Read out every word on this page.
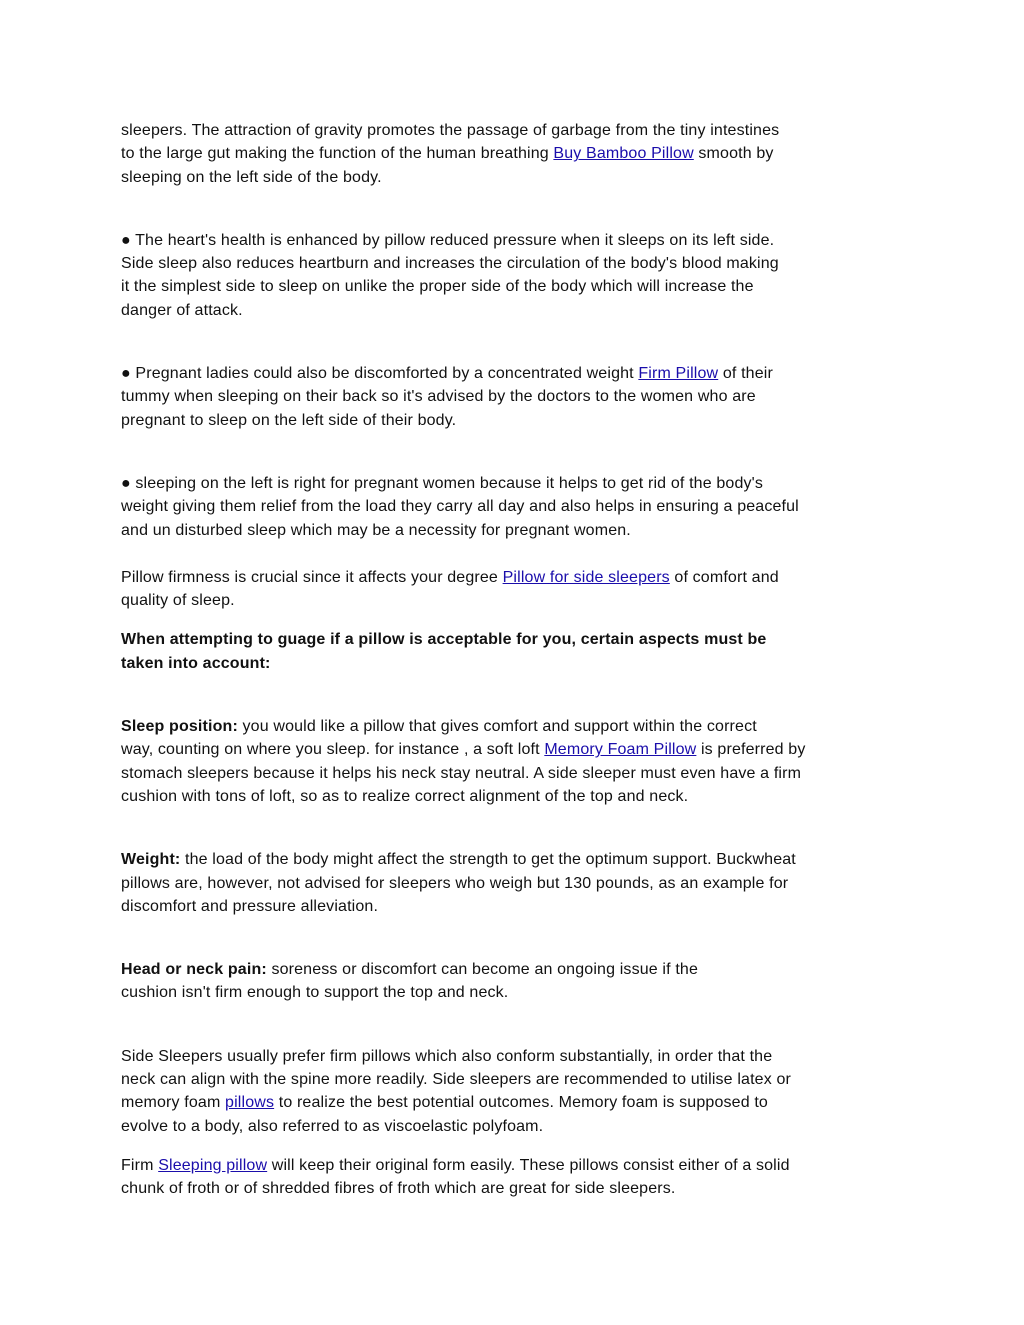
sleepers. The attraction of gravity promotes the passage of garbage from the tiny intestines
to the large gut making the function of the human breathing Buy Bamboo Pillow smooth by
sleeping on the left side of the body.

● The heart's health is enhanced by pillow reduced pressure when it sleeps on its left side.
Side sleep also reduces heartburn and increases the circulation of the body's blood making
it the simplest side to sleep on unlike the proper side of the body which will increase the
danger of attack.

● Pregnant ladies could also be discomforted by a concentrated weight Firm Pillow of their
tummy when sleeping on their back so it's advised by the doctors to the women who are
pregnant to sleep on the left side of their body.

● sleeping on the left is right for pregnant women because it helps to get rid of the body's
weight giving them relief from the load they carry all day and also helps in ensuring a peaceful
and un disturbed sleep which may be a necessity for pregnant women.

Pillow firmness is crucial since it affects your degree Pillow for side sleepers of comfort and
quality of sleep.

When attempting to guage if a pillow is acceptable for you, certain aspects must be
taken into account:

Sleep position: you would like a pillow that gives comfort and support within the correct
way, counting on where you sleep. for instance , a soft loft Memory Foam Pillow is preferred by
stomach sleepers because it helps his neck stay neutral. A side sleeper must even have a firm
cushion with tons of loft, so as to realize correct alignment of the top and neck.

Weight: the load of the body might affect the strength to get the optimum support. Buckwheat
pillows are, however, not advised for sleepers who weigh but 130 pounds, as an example for
discomfort and pressure alleviation.

Head or neck pain: soreness or discomfort can become an ongoing issue if the
cushion isn't firm enough to support the top and neck.

Side Sleepers usually prefer firm pillows which also conform substantially, in order that the
neck can align with the spine more readily. Side sleepers are recommended to utilise latex or
memory foam pillows to realize the best potential outcomes. Memory foam is supposed to
evolve to a body, also referred to as viscoelastic polyfoam.

Firm Sleeping pillow will keep their original form easily. These pillows consist either of a solid
chunk of froth or of shredded fibres of froth which are great for side sleepers.
